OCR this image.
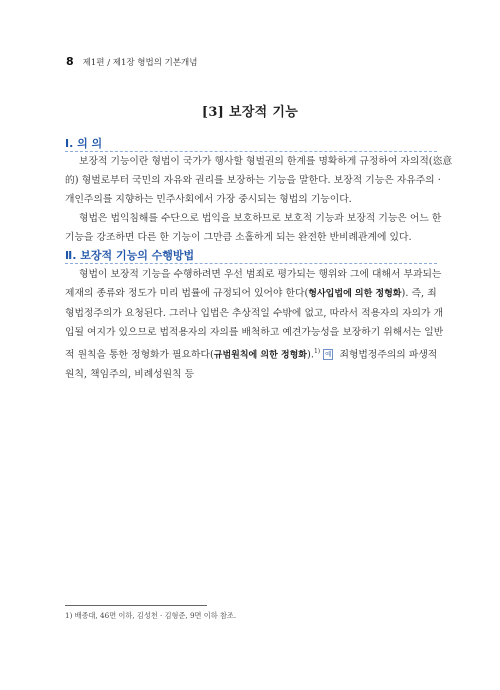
8 제1편 / 제1장 형법의 기본개념
[3] 보장적 기능
Ⅰ. 의 의
보장적 기능이란 형법이 국가가 행사할 형벌권의 한계를 명확하게 규정하여 자의적(恣意
的) 형벌로부터 국민의 자유와 권리를 보장하는 기능을 말한다. 보장적 기능은 자유주의 ·
개인주의를 지향하는 민주사회에서 가장 중시되는 형법의 기능이다.
형법은 법익침해를 수단으로 법익을 보호하므로 보호적 기능과 보장적 기능은 어느 한
기능을 강조하면 다른 한 기능이 그만큼 소홀하게 되는 완전한 반비례관계에 있다.
Ⅱ. 보장적 기능의 수행방법
형법이 보장적 기능을 수행하려면 우선 범죄로 평가되는 행위와 그에 대해서 부과되는
제재의 종류와 정도가 미리 법률에 규정되어 있어야 한다(형사입법에 의한 정형화). 즉, 죄
형법정주의가 요청된다. 그러나 입법은 추상적일 수밖에 없고, 따라서 적용자의 자의가 개
입될 여지가 있으므로 법적용자의 자의를 배척하고 예견가능성을 보장하기 위해서는 일반
적 원칙을 통한 정형화가 필요하다(규범원칙에 의한 정형화).$^{1)}$ 예 죄형법정주의의 파생적
원칙, 책임주의, 비례성원칙 등
1) 배종대, 46면 이하, 김성천 · 김형준, 9면 이하 참조.
